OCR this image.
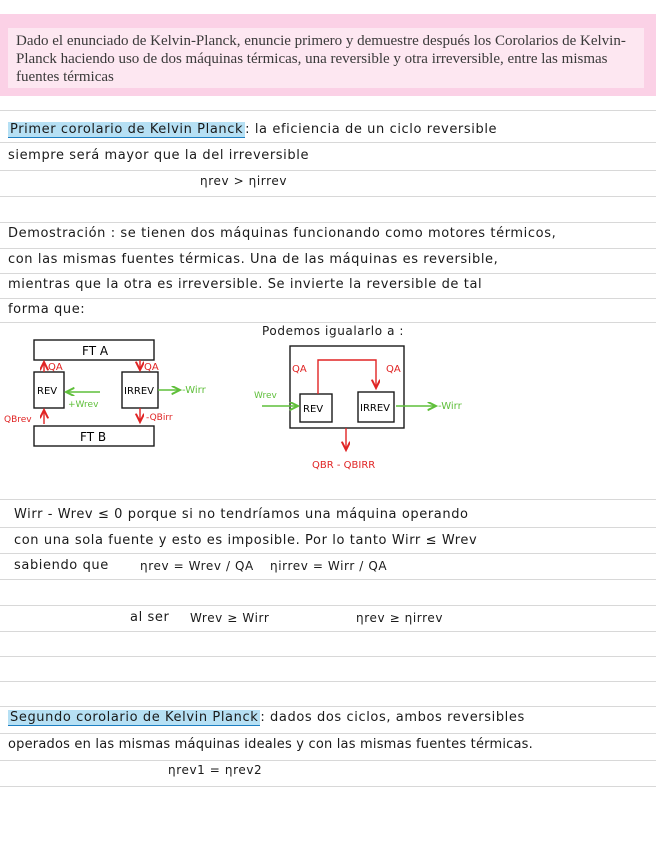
Dado el enunciado de Kelvin-Planck, enuncie primero y demuestre después los Corolarios de Kelvin-Planck haciendo uso de dos máquinas térmicas, una reversible y otra irreversible, entre las mismas fuentes térmicas
Primer corolario de Kelvin Planck : la eficiencia de un ciclo reversible
siempre será mayor que la del irreversible
ηrev > ηirrev
Demostración : se tienen dos máquinas funcionando como motores térmicos,
con las mismas fuentes térmicas. Una de las máquinas es reversible,
mientras que la otra es irreversible. Se invierte la reversible de tal
forma que:
FT A
FT B
REV	IRREV
QA	QA
+Wrev
-Wirr
QBrev	-QBirr
Podemos igualarlo a :
REV	IRREV
QA	QA
Wrev
-Wirr
QBR - QBIRR
Wirr - Wrev ≤ 0 porque si no tendríamos una máquina operando
con una sola fuente y esto es imposible. Por lo tanto Wirr ≤ Wrev
sabiendo que	ηrev = Wrev / QA ηirrev = Wirr / QA
al ser Wrev ≥ Wirr	ηrev ≥ ηirrev
Segundo corolario de Kelvin Planck : dados dos ciclos, ambos reversibles
operados en las mismas máquinas ideales y con las mismas fuentes térmicas.
ηrev1 = ηrev2
